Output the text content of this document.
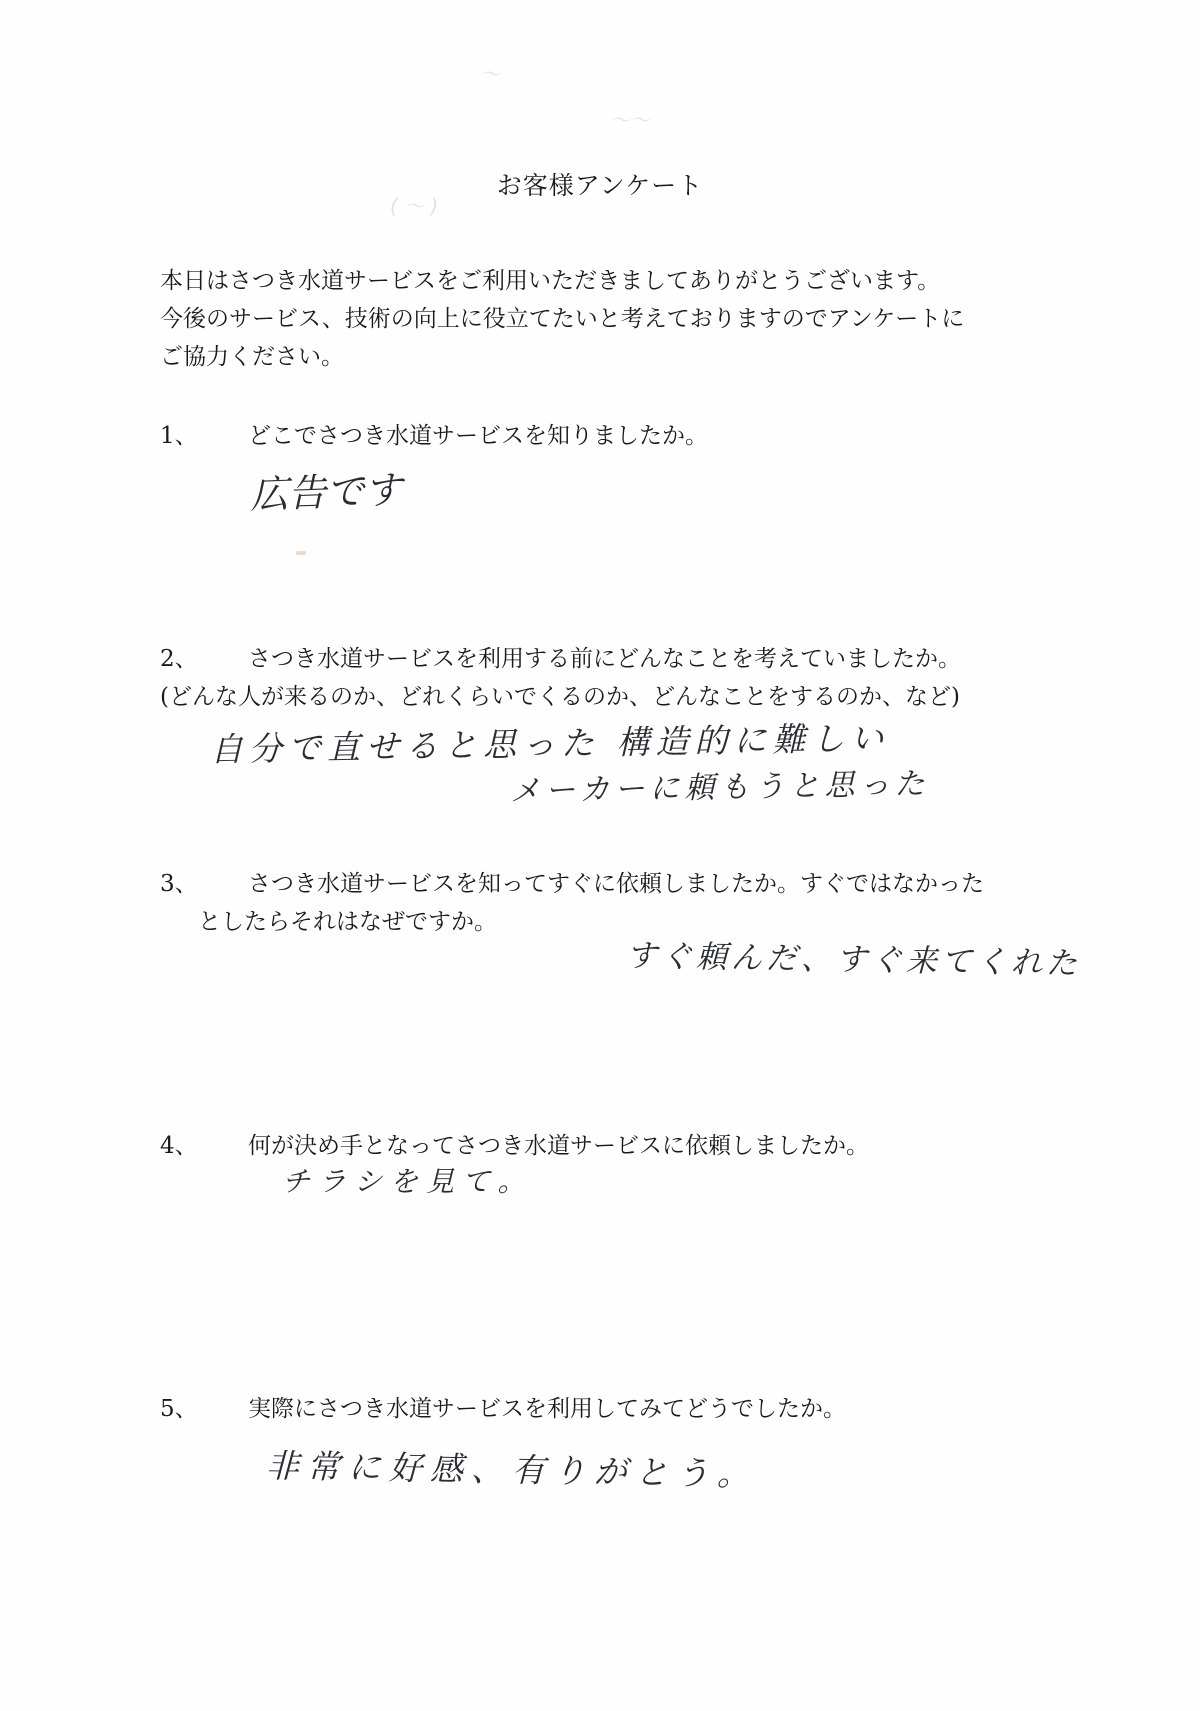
〜
〜〜
( 〜 )
お客様アンケート
本日はさつき水道サービスをご利用いただきましてありがとうございます。
今後のサービス、技術の向上に役立てたいと考えておりますのでアンケートに
ご協力ください。
1、 どこでさつき水道サービスを知りましたか。
広告です
2、 さつき水道サービスを利用する前にどんなことを考えていましたか。
(どんな人が来るのか、どれくらいでくるのか、どんなことをするのか、など)
自分で直せると思った 構造的に難しい
メーカーに頼もうと思った
3、 さつき水道サービスを知ってすぐに依頼しましたか。すぐではなかった
としたらそれはなぜですか。
すぐ頼んだ、すぐ来てくれた
4、 何が決め手となってさつき水道サービスに依頼しましたか。
チラシを見て。
5、 実際にさつき水道サービスを利用してみてどうでしたか。
非常に好感、有りがとう。
